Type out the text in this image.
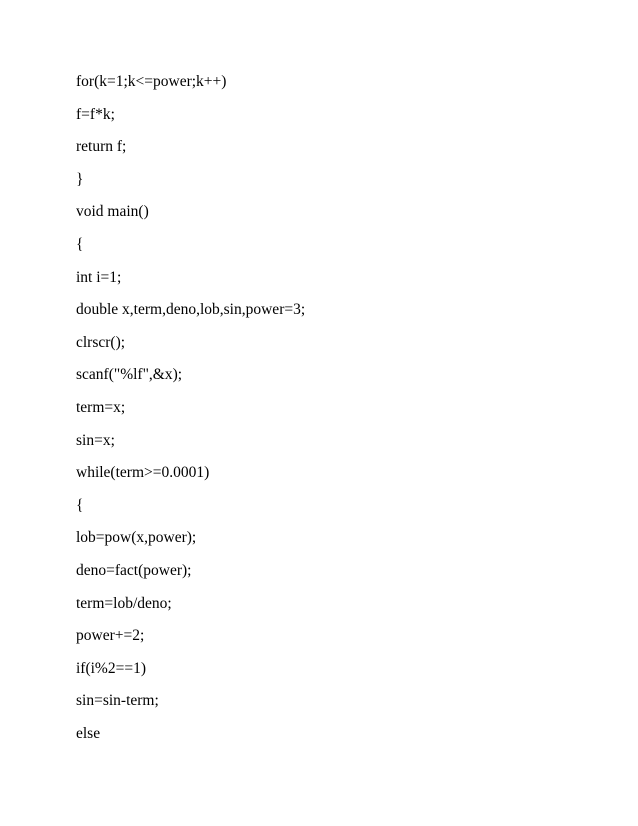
for(k=1;k<=power;k++)
f=f*k;
return f;
}
void main()
{
int i=1;
double x,term,deno,lob,sin,power=3;
clrscr();
scanf("%lf",&x);
term=x;
sin=x;
while(term>=0.0001)
{
lob=pow(x,power);
deno=fact(power);
term=lob/deno;
power+=2;
if(i%2==1)
sin=sin-term;
else
